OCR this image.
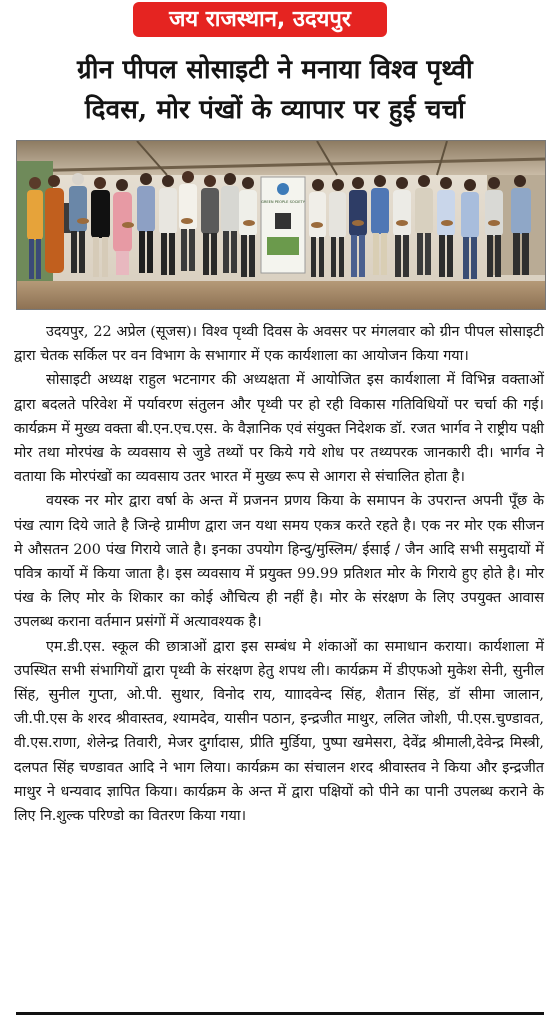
जय राजस्थान, उदयपुर
ग्रीन पीपल सोसाइटी ने मनाया विश्व पृथ्वी
दिवस, मोर पंखों के व्यापार पर हुई चर्चा
GREEN PEOPLE SOCIETY

उदयपुर, 22 अप्रेल (सूजस)। विश्व पृथ्वी दिवस के अवसर पर मंगलवार को ग्रीन पीपल सोसाइटी द्वारा चेतक सर्किल पर वन विभाग के सभागार में एक कार्यशाला का आयोजन किया गया।

सोसाइटी अध्यक्ष राहुल भटनागर की अध्यक्षता में आयोजित इस कार्यशाला में विभिन्न वक्ताओं द्वारा बदलते परिवेश में पर्यावरण संतुलन और पृथ्वी पर हो रही विकास गतिविधियों पर चर्चा की गई। कार्यक्रम में मुख्य वक्ता बी.एन.एच.एस. के वैज्ञानिक एवं संयुक्त निदेशक डॉ. रजत भार्गव ने राष्ट्रीय पक्षी मोर तथा मोरपंख के व्यवसाय से जुडे तथ्यों पर किये गये शोध पर तथ्यपरक जानकारी दी। भार्गव ने वताया कि मोरपंखों का व्यवसाय उतर भारत में मुख्य रूप से आगरा से संचालित होता है।

वयस्क नर मोर द्वारा वर्षा के अन्त में प्रजनन प्रणय किया के समापन के उपरान्त अपनी पूँछ के पंख त्याग दिये जाते है जिन्हे ग्रामीण द्वारा जन यथा समय एकत्र करते रहते है। एक नर मोर एक सीजन मे औसतन 200 पंख गिराये जाते है। इनका उपयोग हिन्दु/मुस्लिम/ ईसाई / जैन आदि सभी समुदायों में पवित्र कार्यो में किया जाता है। इस व्यवसाय में प्रयुक्त 99.99 प्रतिशत मोर के गिराये हुए होते है। मोर पंख के लिए मोर के शिकार का कोई औचित्य ही नहीं है। मोर के संरक्षण के लिए उपयुक्त आवास उपलब्ध कराना वर्तमान प्रसंगों में अत्यावश्यक है।

एम.डी.एस. स्कूल की छात्राओं द्वारा इस सम्बंध मे शंकाओं का समाधान कराया। कार्यशाला में उपस्थित सभी संभागियों द्वारा पृथ्वी के संरक्षण हेतु शपथ ली। कार्यक्रम में डीएफओ मुकेश सेनी, सुनील सिंह, सुनील गुप्ता, ओ.पी. सुथार, विनोद राय, यााादवेन्द सिंह, शैतान सिंह, डॉ सीमा जालान, जी.पी.एस के शरद श्रीवास्तव, श्यामदेव, यासीन पठान, इन्द्रजीत माथुर, ललित जोशी, पी.एस.चुण्डावत, वी.एस.राणा, शेलेन्द्र तिवारी, मेजर दुर्गादास, प्रीति मुर्डिया, पुष्पा खमेसरा, देवेंद्र श्रीमाली,देवेन्द्र मिस्त्री, दलपत सिंह चण्डावत आदि ने भाग लिया। कार्यक्रम का संचालन शरद श्रीवास्तव ने किया और इन्द्रजीत माथुर ने धन्यवाद ज्ञापित किया। कार्यक्रम के अन्त में द्वारा पक्षियों को पीने का पानी उपलब्ध कराने के लिए नि.शुल्क परिण्डो का वितरण किया गया।
